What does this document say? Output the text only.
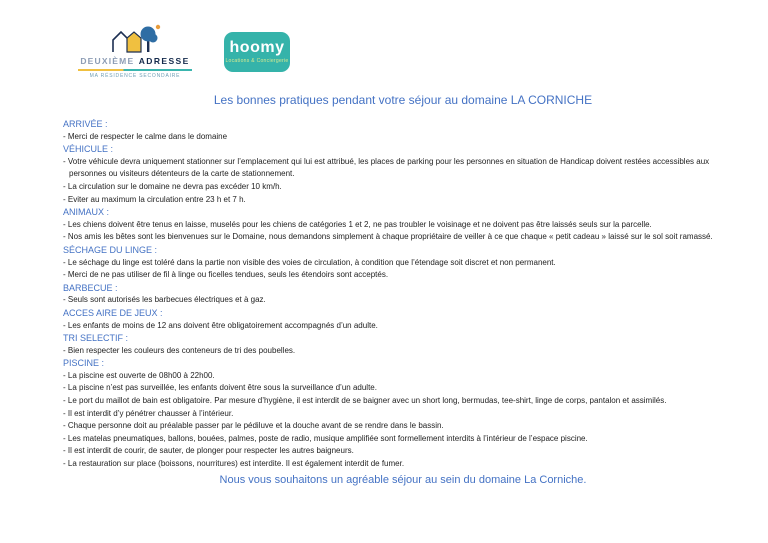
DEUXIÈME ADRESSE
MA RÉSIDENCE SECONDAIRE
hoomy
Locations & Conciergerie
Les bonnes pratiques pendant votre séjour au domaine LA CORNICHE
ARRIVÉE :
- Merci de respecter le calme dans le domaine
VÉHICULE :
- Votre véhicule devra uniquement stationner sur l’emplacement qui lui est attribué, les places de parking pour les personnes en situation de Handicap doivent restées accessibles aux personnes ou visiteurs détenteurs de la carte de stationnement.
- La circulation sur le domaine ne devra pas excéder 10 km/h.
- Eviter au maximum la circulation entre 23 h et 7 h.
ANIMAUX :
- Les chiens doivent être tenus en laisse, muselés pour les chiens de catégories 1 et 2, ne pas troubler le voisinage et ne doivent pas être laissés seuls sur la parcelle.
- Nos amis les bêtes sont les bienvenues sur le Domaine, nous demandons simplement à chaque propriétaire de veiller à ce que chaque « petit cadeau » laissé sur le sol soit ramassé.
SÉCHAGE DU LINGE :
- Le séchage du linge est toléré dans la partie non visible des voies de circulation, à condition que l’étendage soit discret et non permanent.
- Merci de ne pas utiliser de fil à linge ou ficelles tendues, seuls les étendoirs sont acceptés.
BARBECUE :
- Seuls sont autorisés les barbecues électriques et à gaz.
ACCES AIRE DE JEUX :
- Les enfants de moins de 12 ans doivent être obligatoirement accompagnés d’un adulte.
TRI SELECTIF :
- Bien respecter les couleurs des conteneurs de tri des poubelles.
PISCINE :
- La piscine est ouverte de 08h00 à 22h00.
- La piscine n’est pas surveillée, les enfants doivent être sous la surveillance d’un adulte.
- Le port du maillot de bain est obligatoire. Par mesure d’hygiène, il est interdit de se baigner avec un short long, bermudas, tee-shirt, linge de corps, pantalon et assimilés.
- Il est interdit d’y pénétrer chausser à l’intérieur.
- Chaque personne doit au préalable passer par le pédiluve et la douche avant de se rendre dans le bassin.
- Les matelas pneumatiques, ballons, bouées, palmes, poste de radio, musique amplifiée sont formellement interdits à l’intérieur de l’espace piscine.
- Il est interdit de courir, de sauter, de plonger pour respecter les autres baigneurs.
- La restauration sur place (boissons, nourritures) est interdite. Il est également interdit de fumer.
Nous vous souhaitons un agréable séjour au sein du domaine La Corniche.
